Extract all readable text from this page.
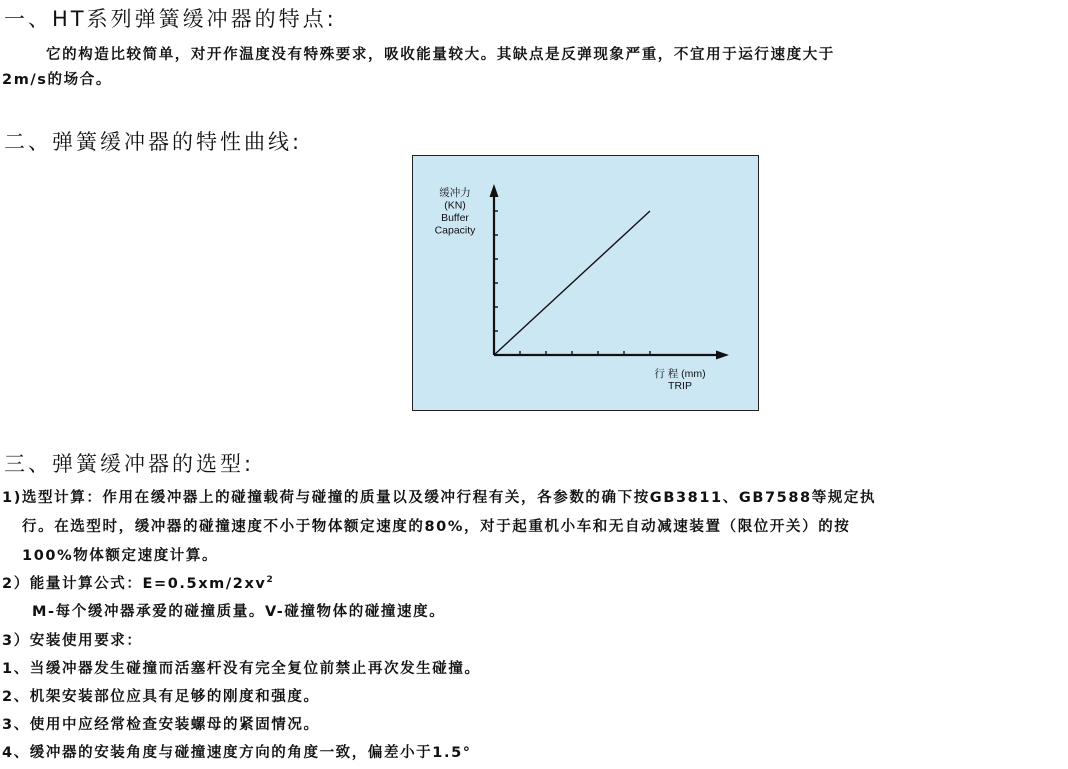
一、HT系列弹簧缓冲器的特点:
它的构造比较简单，对开作温度没有特殊要求，吸收能量较大。其缺点是反弹现象严重，不宜用于运行速度大于
2m/s的场合。
二、弹簧缓冲器的特性曲线:
缓冲力
(KN)
Buffer
Capacity
行 程 (mm)
TRIP
三、弹簧缓冲器的选型:
1)选型计算：作用在缓冲器上的碰撞载荷与碰撞的质量以及缓冲行程有关，各参数的确下按GB3811、GB7588等规定执
行。在选型时，缓冲器的碰撞速度不小于物体额定速度的80%，对于起重机小车和无自动减速装置（限位开关）的按
100%物体额定速度计算。
2）能量计算公式：$E=0.5xm/2xv^2$
M-每个缓冲器承爱的碰撞质量。V-碰撞物体的碰撞速度。
3）安装使用要求：
1、当缓冲器发生碰撞而活塞杆没有完全复位前禁止再次发生碰撞。
2、机架安装部位应具有足够的刚度和强度。
3、使用中应经常检查安装螺母的紧固情况。
4、缓冲器的安装角度与碰撞速度方向的角度一致，偏差小于1.5°
